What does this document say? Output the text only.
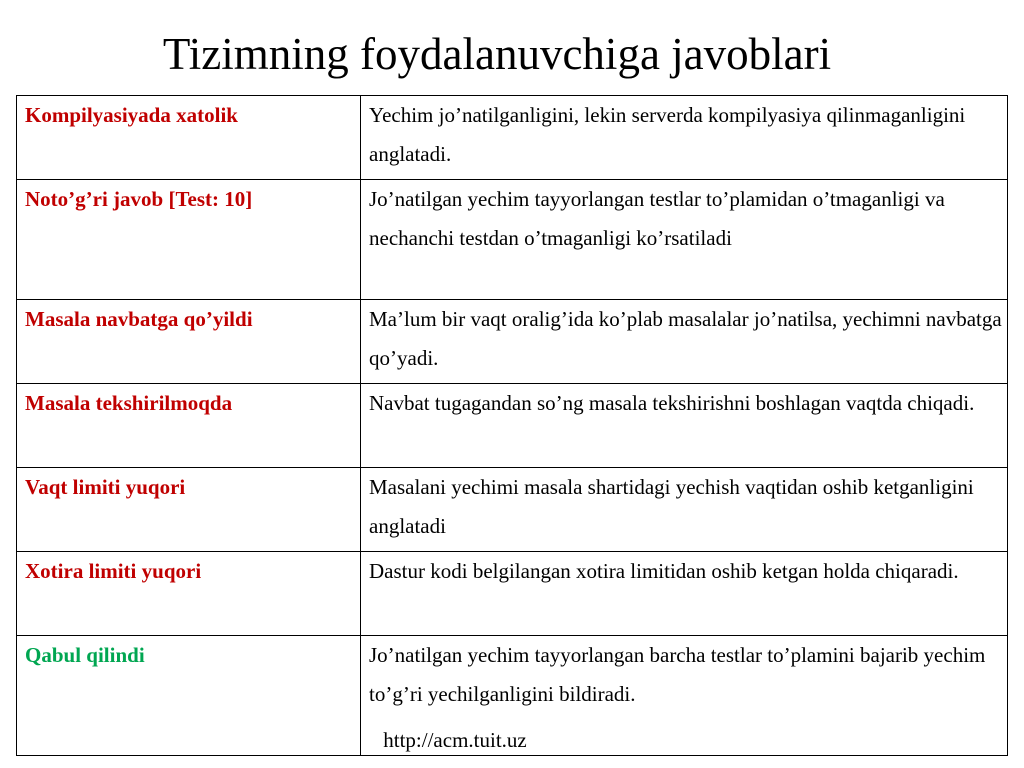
Tizimning foydalanuvchiga javoblari
Kompilyasiyada xatolik	Yechim jo’natilganligini, lekin serverda kompilyasiya qilinmaganligini anglatadi.
Noto’g’ri javob [Test: 10]	Jo’natilgan yechim tayyorlangan testlar to’plamidan o’tmaganligi va nechanchi testdan o’tmaganligi ko’rsatiladi
Masala navbatga qo’yildi	Ma’lum bir vaqt oralig’ida ko’plab masalalar jo’natilsa, yechimni navbatga qo’yadi.
Masala tekshirilmoqda	Navbat tugagandan so’ng masala tekshirishni boshlagan vaqtda chiqadi.
Vaqt limiti yuqori	Masalani yechimi masala shartidagi yechish vaqtidan oshib ketganligini anglatadi
Xotira limiti yuqori	Dastur kodi belgilangan xotira limitidan oshib ketgan holda chiqaradi.
Qabul qilindi	Jo’natilgan yechim tayyorlangan barcha testlar to’plamini bajarib yechim to’g’ri yechilganligini bildiradi.
http://acm.tuit.uz
